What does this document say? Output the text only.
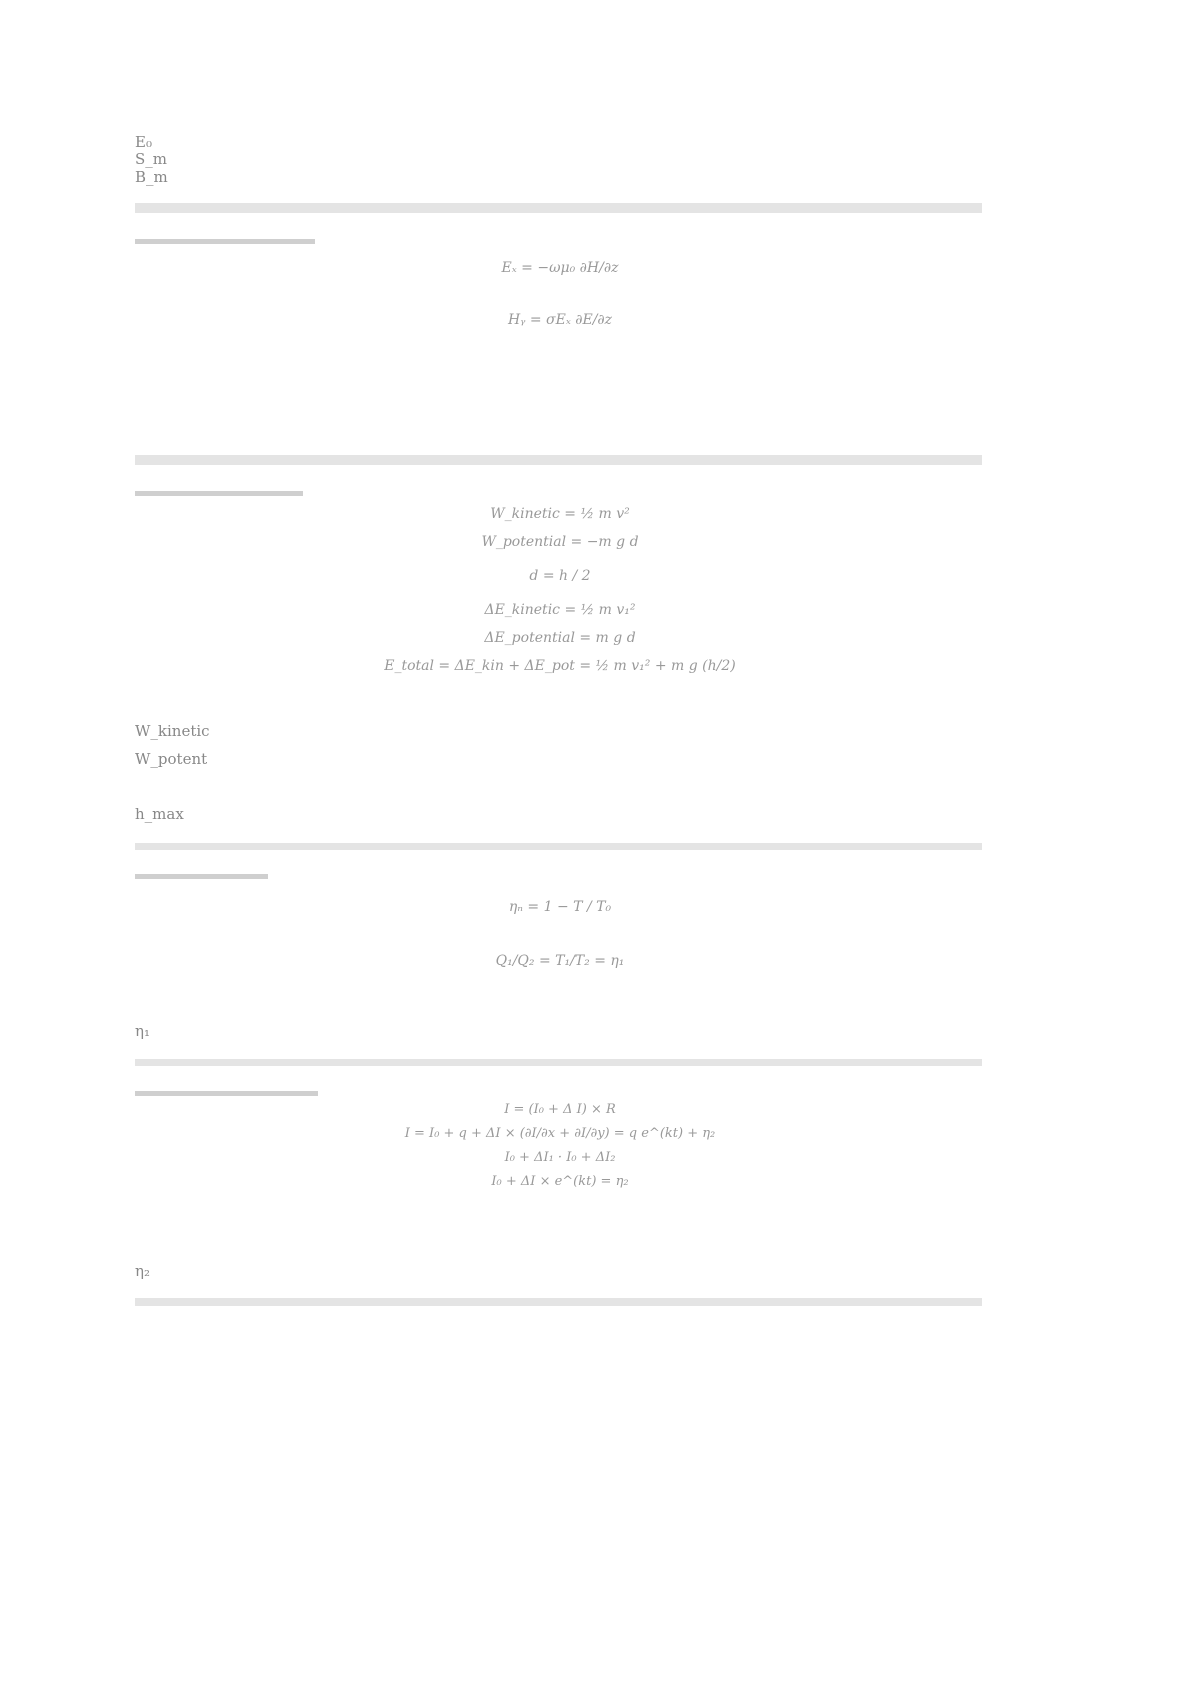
E₀
S_m
B_m
Eₓ = −ωμ₀ ∂H/∂z
Hᵧ = σEₓ ∂E/∂z
W_kinetic = ½ m v²
W_potential = −m g d
d = h / 2
ΔE_kinetic = ½ m v₁²
ΔE_potential = m g d
E_total = ΔE_kin + ΔE_pot = ½ m v₁² + m g (h/2)
W_kinetic
W_potent
h_max
ηₙ = 1 − T / T₀
Q₁/Q₂ = T₁/T₂ = η₁
η₁
I = (I₀ + Δ I) × R
I = I₀ + q + ΔI × (∂I/∂x + ∂I/∂y) = q e^(kt) + η₂
I₀ + ΔI₁ · I₀ + ΔI₂
I₀ + ΔI × e^(kt) = η₂
η₂
